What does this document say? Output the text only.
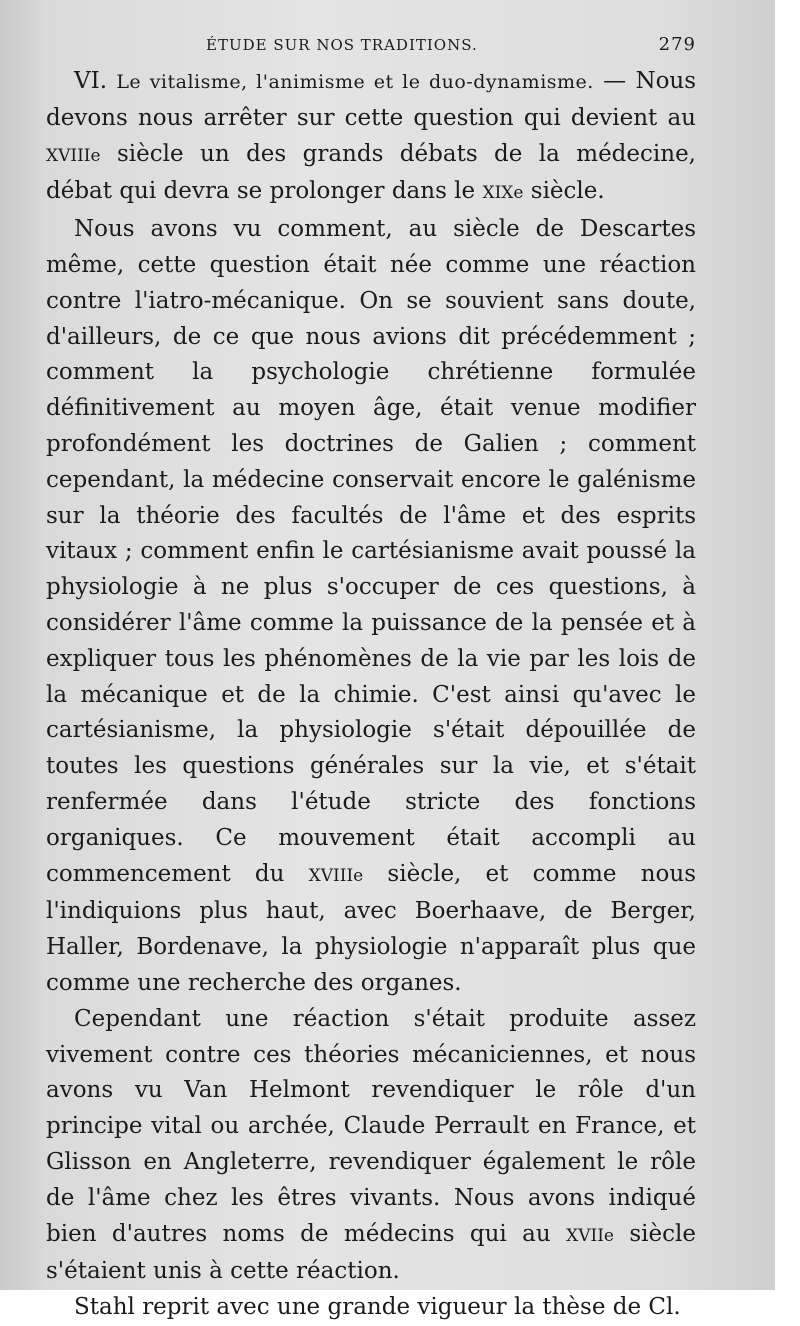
ÉTUDE SUR NOS TRADITIONS.	279

VI. Le vitalisme, l'animisme et le duo-dynamisme. — Nous devons nous arrêter sur cette question qui devient au XVIIIe siècle un des grands débats de la médecine, débat qui devra se prolonger dans le XIXe siècle.

Nous avons vu comment, au siècle de Descartes même, cette question était née comme une réaction contre l'iatro-mécanique. On se souvient sans doute, d'ailleurs, de ce que nous avions dit précédemment ; comment la psychologie chrétienne formulée définitivement au moyen âge, était venue modifier profondément les doctrines de Galien ; comment cependant, la médecine conservait encore le galénisme sur la théorie des facultés de l'âme et des esprits vitaux ; comment enfin le cartésianisme avait poussé la physiologie à ne plus s'occuper de ces questions, à considérer l'âme comme la puissance de la pensée et à expliquer tous les phénomènes de la vie par les lois de la mécanique et de la chimie. C'est ainsi qu'avec le cartésianisme, la physiologie s'était dépouillée de toutes les questions générales sur la vie, et s'était renfermée dans l'étude stricte des fonctions organiques. Ce mouvement était accompli au commencement du XVIIIe siècle, et comme nous l'indiquions plus haut, avec Boerhaave, de Berger, Haller, Bordenave, la physiologie n'apparaît plus que comme une recherche des organes.

Cependant une réaction s'était produite assez vivement contre ces théories mécaniciennes, et nous avons vu Van Helmont revendiquer le rôle d'un principe vital ou archée, Claude Perrault en France, et Glisson en Angleterre, revendiquer également le rôle de l'âme chez les êtres vivants. Nous avons indiqué bien d'autres noms de médecins qui au XVIIe siècle s'étaient unis à cette réaction.

Stahl reprit avec une grande vigueur la thèse de Cl.
